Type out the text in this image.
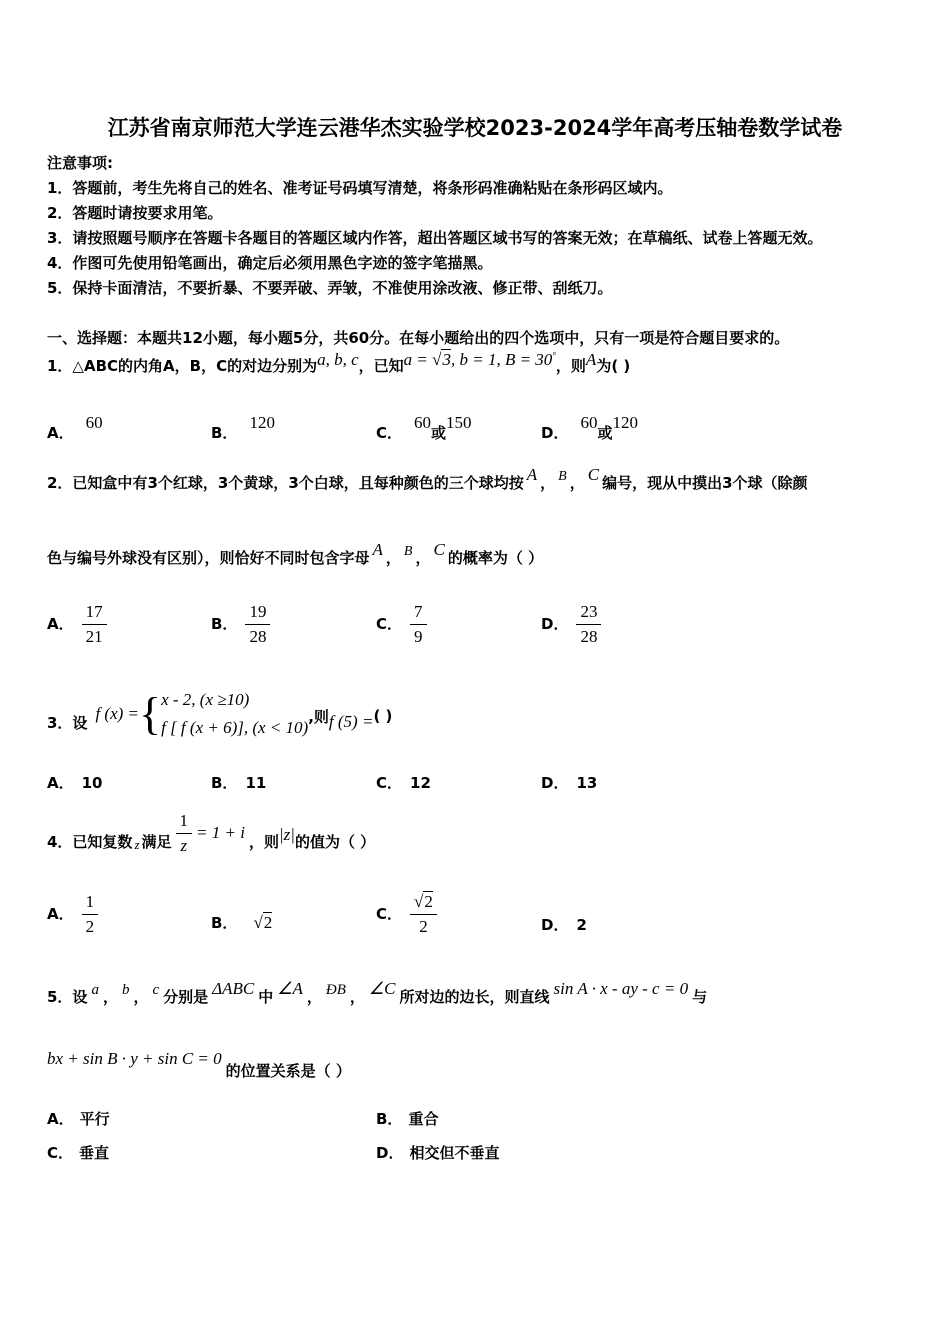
江苏省南京师范大学连云港华杰实验学校2023-2024学年高考压轴卷数学试卷
注意事项:
1．答题前，考生先将自己的姓名、准考证号码填写清楚，将条形码准确粘贴在条形码区域内。
2．答题时请按要求用笔。
3．请按照题号顺序在答题卡各题目的答题区域内作答，超出答题区域书写的答案无效；在草稿纸、试卷上答题无效。
4．作图可先使用铅笔画出，确定后必须用黑色字迹的签字笔描黑。
5．保持卡面清洁，不要折暴、不要弄破、弄皱，不准使用涂改液、修正带、刮纸刀。
一、选择题：本题共12小题，每小题5分，共60分。在每小题给出的四个选项中，只有一项是符合题目要求的。
1．△ABC的内角A，B，C的对边分别为a, b, c，已知a = √3, b = 1, B = 30°，则A为( )
A．60
B．120
C．60或150
D．60或120
2．已知盒中有3个红球，3个黄球，3个白球，且每种颜色的三个球均按 A ， B ， C 编号，现从中摸出3个球（除颜
色与编号外球没有区别），则恰好不同时包含字母 A ， B ， C 的概率为（ ）
A． $\frac{17}{21}$	B． $\frac{19}{28}$	C． $\frac{7}{9}$	D． $\frac{23}{28}$
3．设 f (x) = { x - 2, (x ≥10)
f [ f (x + 6)], (x < 10)
,则 f (5) = ( )
A． 10	B． 11	C． 12	D． 13
4．已知复数 z 满足 $\frac{1}{z} = 1 + i$ ，则 |z| 的值为（ ）
A． $\frac{1}{2}$	B． √2	C． $\frac{√2}{2}$	D． 2
5．设 a ， b ， c 分别是 ΔABC 中 ∠A ， ÐB ， ∠C 所对边的边长，则直线 sin A · x - ay - c = 0 与
bx + sin B · y + sin C = 0的位置关系是（ ）
A． 平行	B． 重合
C． 垂直	D． 相交但不垂直
